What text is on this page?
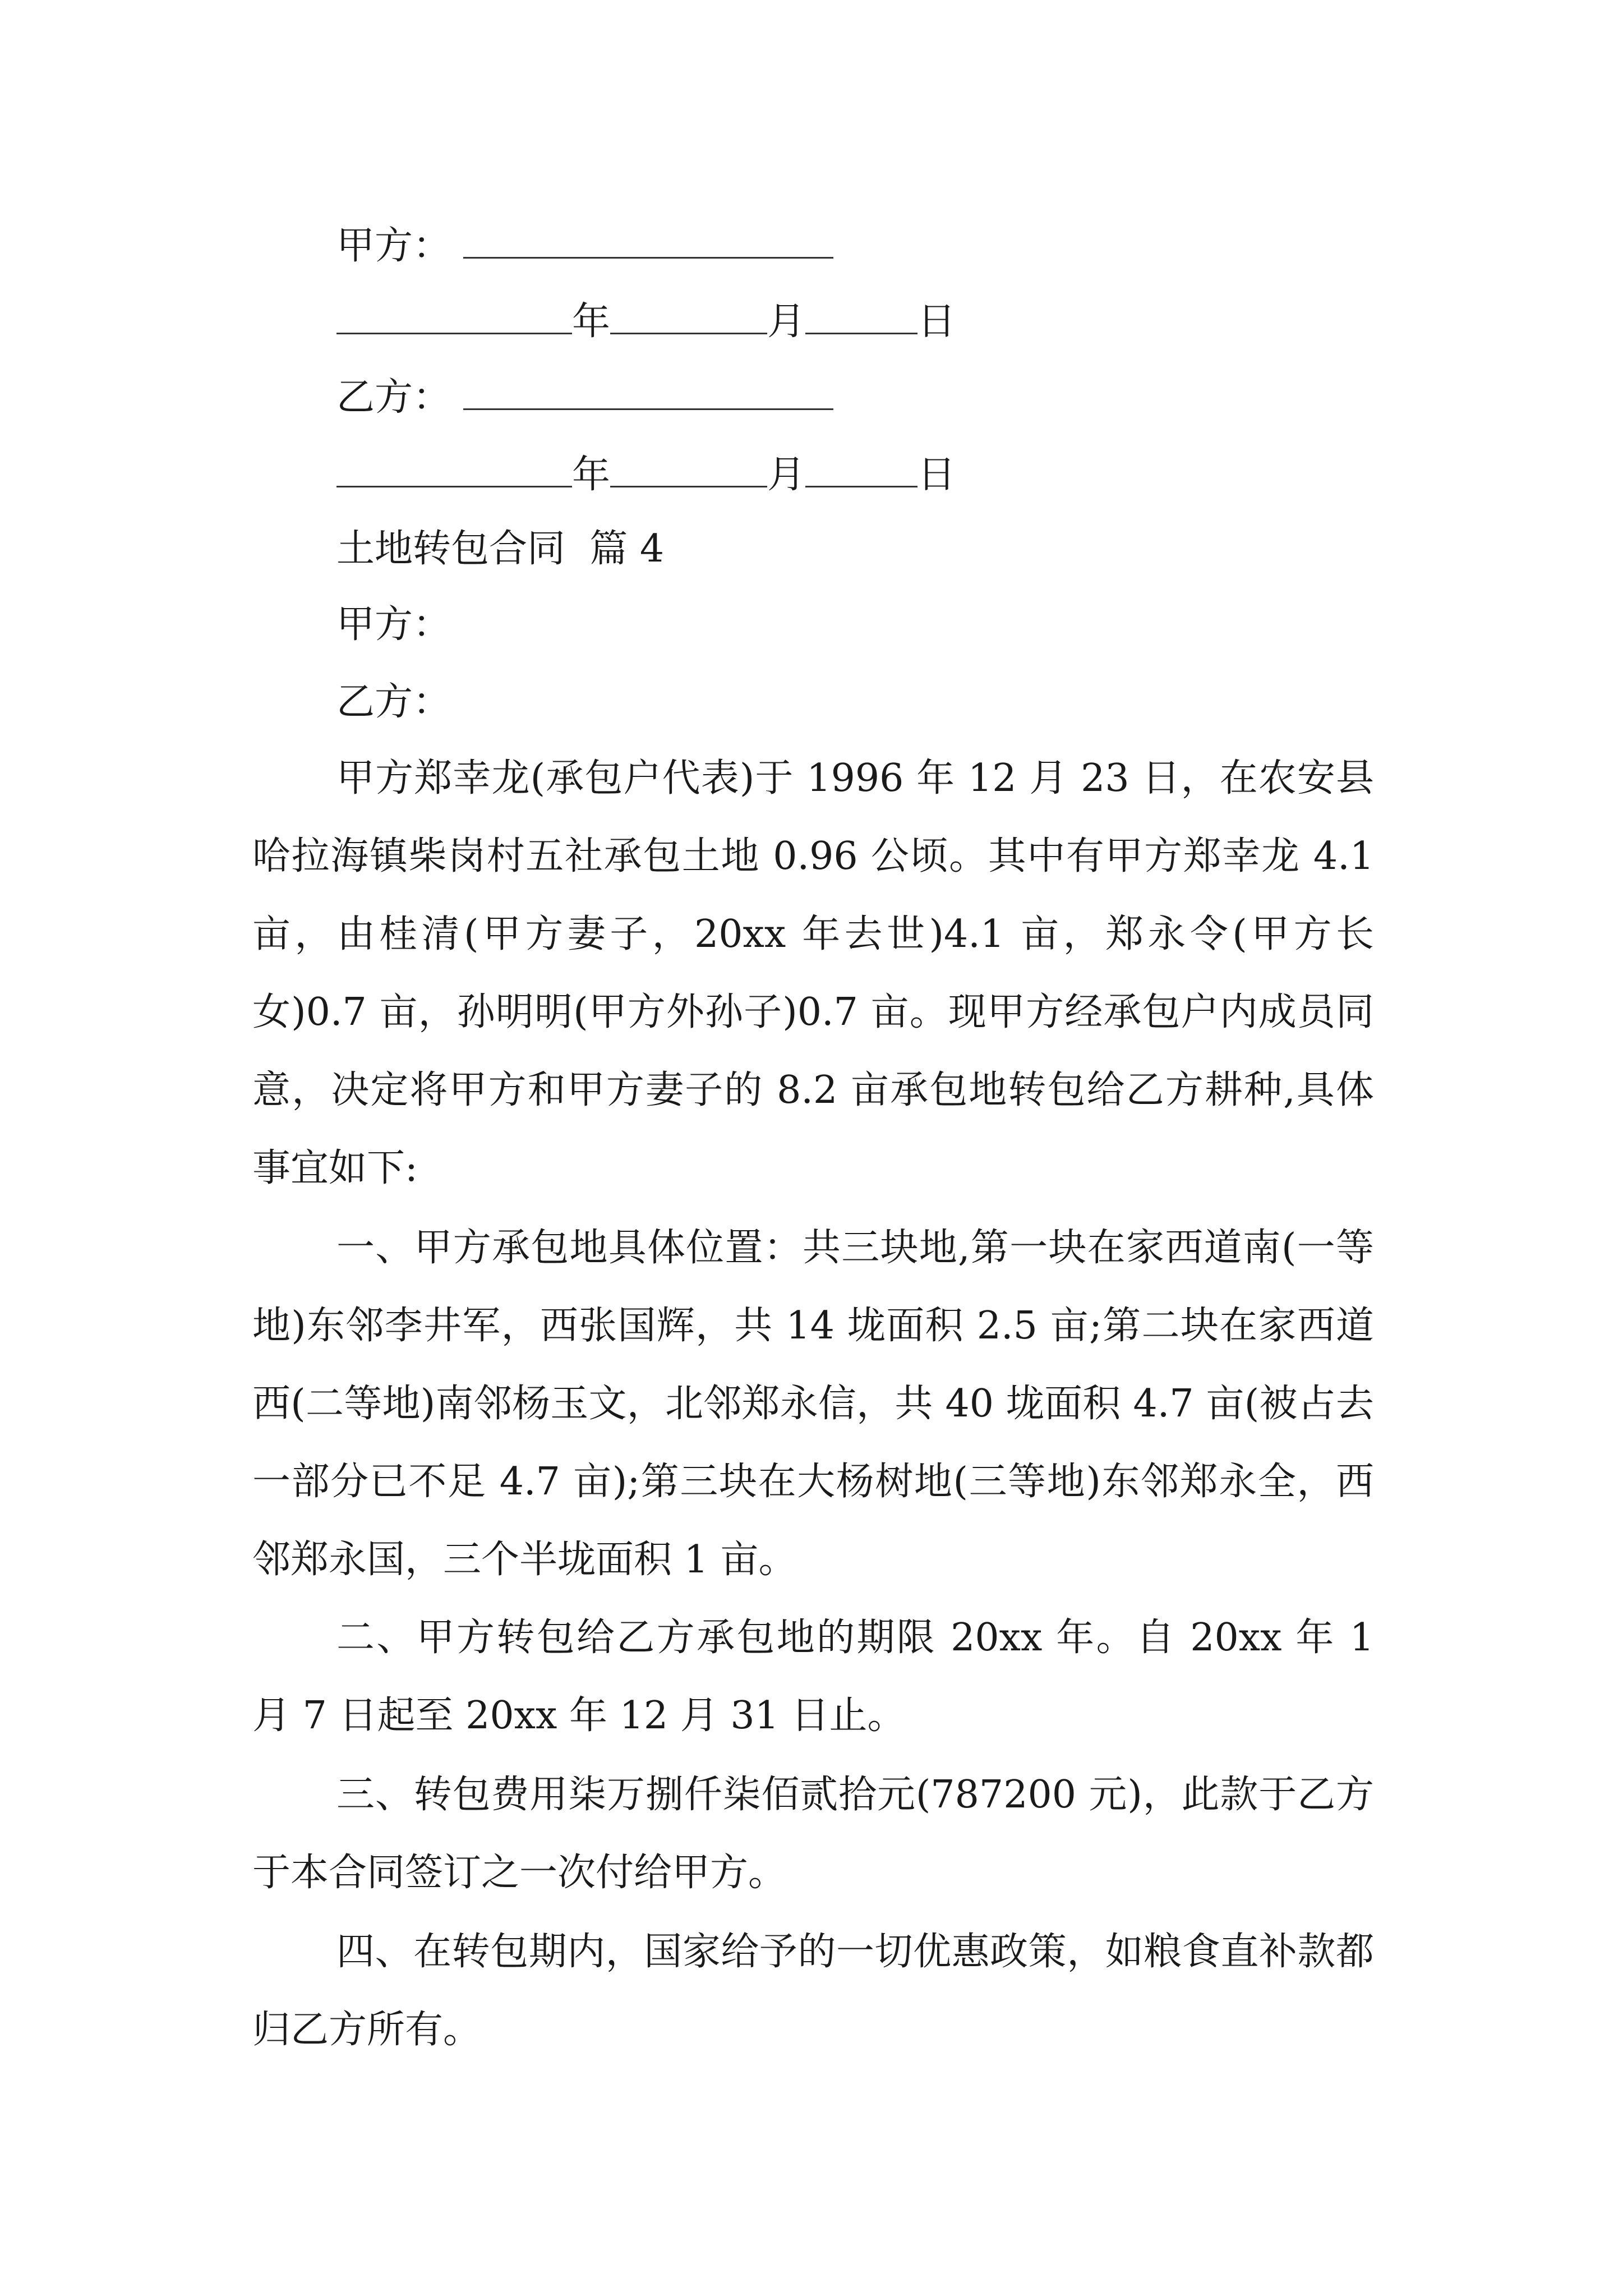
甲方：
年	月	日
乙方：
年	月	日
土地转包合同  篇 4
甲方：
乙方：

甲方郑幸龙(承包户代表)于 1996 年 12 月 23 日，在农安县哈拉海镇柴岗村五社承包土地 0.96 公顷。其中有甲方郑幸龙 4.1 亩，由桂清(甲方妻子，20xx 年去世)4.1 亩，郑永令(甲方长女)0.7 亩，孙明明(甲方外孙子)0.7 亩。现甲方经承包户内成员同意，决定将甲方和甲方妻子的 8.2 亩承包地转包给乙方耕种,具体事宜如下:

一、甲方承包地具体位置：共三块地,第一块在家西道南(一等地)东邻李井军，西张国辉，共 14 垅面积 2.5 亩;第二块在家西道西(二等地)南邻杨玉文，北邻郑永信，共 40 垅面积 4.7 亩(被占去一部分已不足 4.7 亩);第三块在大杨树地(三等地)东邻郑永全，西邻郑永国，三个半垅面积 1 亩。

二、甲方转包给乙方承包地的期限 20xx 年。自 20xx 年 1 月 7 日起至 20xx 年 12 月 31 日止。

三、转包费用柒万捌仟柒佰贰拾元(787200 元)，此款于乙方于本合同签订之一次付给甲方。

四、在转包期内，国家给予的一切优惠政策，如粮食直补款都归乙方所有。
